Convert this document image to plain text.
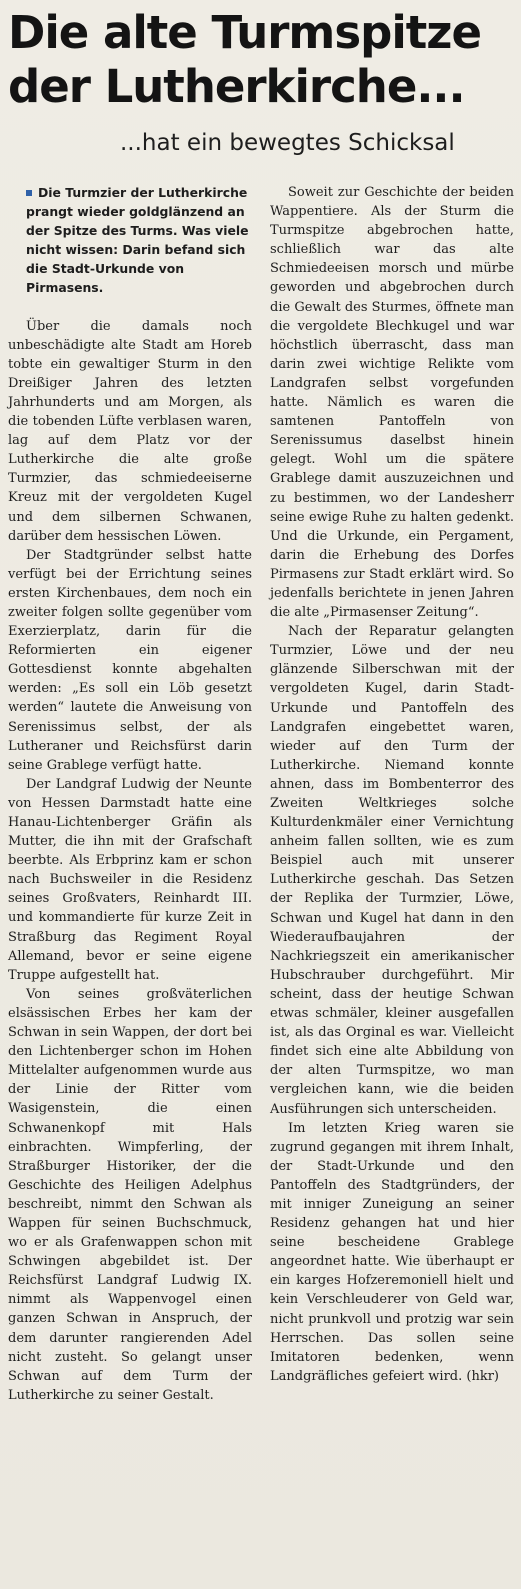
Die alte Turmspitze
der Lutherkirche...
...hat ein bewegtes Schicksal
Die Turmzier der Lutherkirche prangt wieder goldglänzend an der Spitze des Turms. Was viele nicht wissen: Darin befand sich die Stadt-Urkunde von Pirmasens.

Über die damals noch unbeschädigte alte Stadt am Horeb tobte ein gewaltiger Sturm in den Dreißiger Jahren des letzten Jahrhunderts und am Morgen, als die tobenden Lüfte verblasen waren, lag auf dem Platz vor der Lutherkirche die alte große Turmzier, das schmiedeeiserne Kreuz mit der vergoldeten Kugel und dem silbernen Schwanen, darüber dem hessischen Löwen.

Der Stadtgründer selbst hatte verfügt bei der Errichtung seines ersten Kirchenbaues, dem noch ein zweiter folgen sollte gegenüber vom Exerzierplatz, darin für die Reformierten ein eigener Gottesdienst konnte abgehalten werden: „Es soll ein Löb gesetzt werden“ lautete die Anweisung von Serenissimus selbst, der als Lutheraner und Reichsfürst darin seine Grablege verfügt hatte.

Der Landgraf Ludwig der Neunte von Hessen Darmstadt hatte eine Hanau-Lichtenberger Gräfin als Mutter, die ihn mit der Grafschaft beerbte. Als Erbprinz kam er schon nach Buchsweiler in die Residenz seines Großvaters, Reinhardt III. und kommandierte für kurze Zeit in Straßburg das Regiment Royal Allemand, bevor er seine eigene Truppe aufgestellt hat.

Von seines großväterlichen elsässischen Erbes her kam der Schwan in sein Wappen, der dort bei den Lichtenberger schon im Hohen Mittelalter aufgenommen wurde aus der Linie der Ritter vom Wasigenstein, die einen Schwanenkopf mit Hals einbrachten. Wimpferling, der Straßburger Historiker, der die Geschichte des Heiligen Adelphus beschreibt, nimmt den Schwan als Wappen für seinen Buchschmuck, wo er als Grafenwappen schon mit Schwingen abgebildet ist. Der Reichsfürst Landgraf Ludwig IX. nimmt als Wappenvogel einen ganzen Schwan in Anspruch, der dem darunter rangierenden Adel nicht zusteht. So gelangt unser Schwan auf dem Turm der Lutherkirche zu seiner Gestalt.

Soweit zur Geschichte der beiden Wappentiere. Als der Sturm die Turmspitze abgebrochen hatte, schließlich war das alte Schmiedeeisen morsch und mürbe geworden und abgebrochen durch die Gewalt des Sturmes, öffnete man die vergoldete Blechkugel und war höchstlich überrascht, dass man darin zwei wichtige Relikte vom Landgrafen selbst vorgefunden hatte. Nämlich es waren die samtenen Pantoffeln von Serenissumus daselbst hinein gelegt. Wohl um die spätere Grablege damit auszuzeichnen und zu bestimmen, wo der Landesherr seine ewige Ruhe zu halten gedenkt. Und die Urkunde, ein Pergament, darin die Erhebung des Dorfes Pirmasens zur Stadt erklärt wird. So jedenfalls berichtete in jenen Jahren die alte „Pirmasenser Zeitung“.

Nach der Reparatur gelangten Turmzier, Löwe und der neu glänzende Silberschwan mit der vergoldeten Kugel, darin Stadt-Urkunde und Pantoffeln des Landgrafen eingebettet waren, wieder auf den Turm der Lutherkirche. Niemand konnte ahnen, dass im Bombenterror des Zweiten Weltkrieges solche Kulturdenkmäler einer Vernichtung anheim fallen sollten, wie es zum Beispiel auch mit unserer Lutherkirche geschah. Das Setzen der Replika der Turmzier, Löwe, Schwan und Kugel hat dann in den Wiederaufbaujahren der Nachkriegszeit ein amerikanischer Hubschrauber durchgeführt. Mir scheint, dass der heutige Schwan etwas schmäler, kleiner ausgefallen ist, als das Orginal es war. Vielleicht findet sich eine alte Abbildung von der alten Turmspitze, wo man vergleichen kann, wie die beiden Ausführungen sich unterscheiden.

Im letzten Krieg waren sie zugrund gegangen mit ihrem Inhalt, der Stadt-Urkunde und den Pantoffeln des Stadtgründers, der mit inniger Zuneigung an seiner Residenz gehangen hat und hier seine bescheidene Grablege angeordnet hatte. Wie überhaupt er ein karges Hofzeremoniell hielt und kein Verschleuderer von Geld war, nicht prunkvoll und protzig war sein Herrschen. Das sollen seine Imitatoren bedenken, wenn Landgräfliches gefeiert wird. (hkr)
